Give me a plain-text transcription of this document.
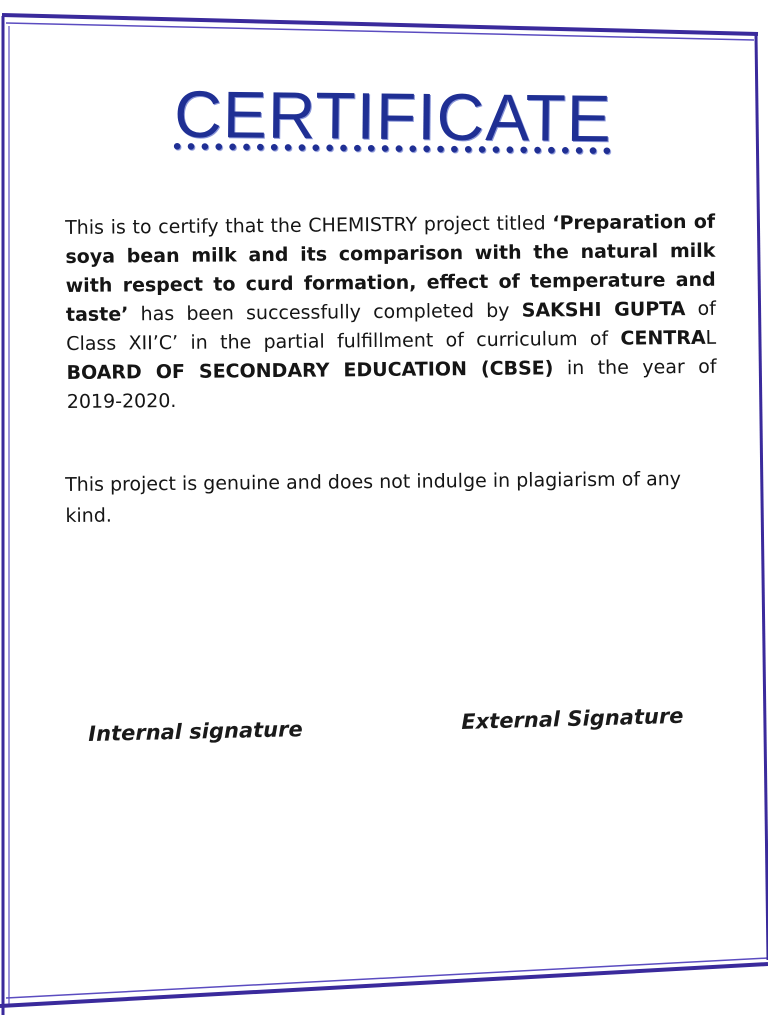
CERTIFICATE
This is to certify that the CHEMISTRY project titled ‘Preparation of soya bean milk and its comparison with the natural milk with respect to curd formation, effect of temperature and taste’ has been successfully completed by SAKSHI GUPTA of Class XII’C’ in the partial fulfillment of curriculum of CENTRAL BOARD OF SECONDARY EDUCATION (CBSE) in the year of 2019-2020.
This project is genuine and does not indulge in plagiarism of any kind.
Internal signature	External Signature
